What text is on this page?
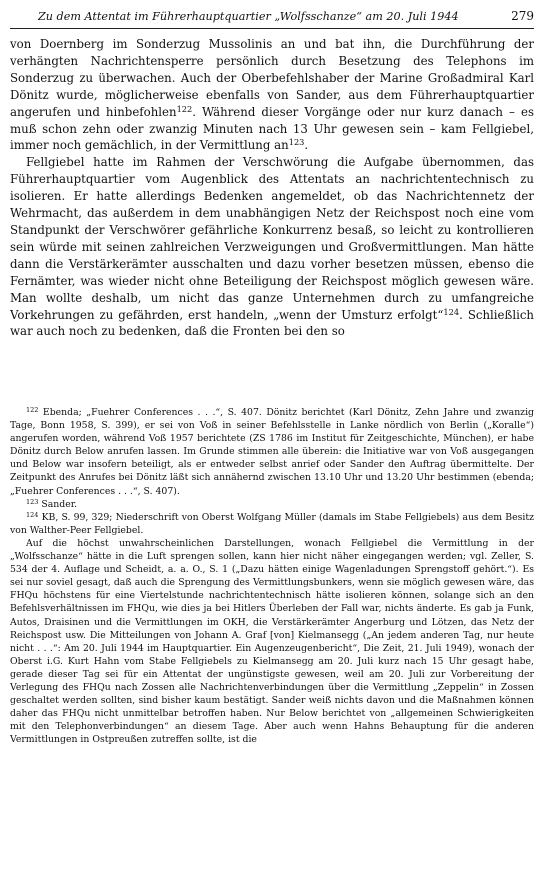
Zu dem Attentat im Führerhauptquartier „Wolfsschanze“ am 20. Juli 1944	279

von Doernberg im Sonderzug Mussolinis an und bat ihn, die Durchführung der verhängten Nachrichtensperre persönlich durch Besetzung des Telephons im Sonderzug zu überwachen. Auch der Oberbefehlshaber der Marine Großadmiral Karl Dönitz wurde, möglicherweise ebenfalls von Sander, aus dem Führerhauptquartier angerufen und hinbefohlen$^{122}$. Während dieser Vorgänge oder nur kurz danach – es muß schon zehn oder zwanzig Minuten nach 13 Uhr gewesen sein – kam Fellgiebel, immer noch gemächlich, in der Vermittlung $an^{123}$.

Fellgiebel hatte im Rahmen der Verschwörung die Aufgabe übernommen, das Führerhauptquartier vom Augenblick des Attentats an nachrichtentechnisch zu isolieren. Er hatte allerdings Bedenken angemeldet, ob das Nachrichtennetz der Wehrmacht, das außerdem in dem unabhängigen Netz der Reichspost noch eine vom Standpunkt der Verschwörer gefährliche Konkurrenz besaß, so leicht zu kontrollieren sein würde mit seinen zahlreichen Verzweigungen und Großvermittlungen. Man hätte dann die Verstärkerämter ausschalten und dazu vorher besetzen müssen, ebenso die Fernämter, was wieder nicht ohne Beteiligung der Reichspost möglich gewesen wäre. Man wollte deshalb, um nicht das ganze Unternehmen durch zu umfangreiche Vorkehrungen zu gefährden, erst handeln, „wenn der Umsturz erfolgt“$^{124}$. Schließlich war auch noch zu bedenken, daß die Fronten bei den so

$^{122}$ Ebenda; „Fuehrer Conferences . . .“, S. 407. Dönitz berichtet (Karl Dönitz, Zehn Jahre und zwanzig Tage, Bonn 1958, S. 399), er sei von Voß in seiner Befehlsstelle in Lanke nördlich von Berlin („Koralle“) angerufen worden, während Voß 1957 berichtete (ZS 1786 im Institut für Zeitgeschichte, München), er habe Dönitz durch Below anrufen lassen. Im Grunde stimmen alle überein: die Initiative war von Voß ausgegangen und Below war insofern beteiligt, als er entweder selbst anrief oder Sander den Auftrag übermittelte. Der Zeitpunkt des Anrufes bei Dönitz läßt sich annähernd zwischen 13.10 Uhr und 13.20 Uhr bestimmen (ebenda; „Fuehrer Conferences . . .“, S. 407).

$^{123}$ Sander.

$^{124}$ KB, S. 99, 329; Niederschrift von Oberst Wolfgang Müller (damals im Stabe Fellgiebels) aus dem Besitz von Walther-Peer Fellgiebel.

Auf die höchst unwahrscheinlichen Darstellungen, wonach Fellgiebel die Vermittlung in der „Wolfsschanze“ hätte in die Luft sprengen sollen, kann hier nicht näher eingegangen werden; vgl. Zeller, S. 534 der 4. Auflage und Scheidt, a. a. O., S. 1 („Dazu hätten einige Wagenladungen Sprengstoff gehört.“). Es sei nur soviel gesagt, daß auch die Sprengung des Vermittlungsbunkers, wenn sie möglich gewesen wäre, das FHQu höchstens für eine Viertelstunde nachrichtentechnisch hätte isolieren können, solange sich an den Befehlsverhältnissen im FHQu, wie dies ja bei Hitlers Überleben der Fall war, nichts änderte. Es gab ja Funk, Autos, Draisinen und die Vermittlungen im OKH, die Verstärkerämter Angerburg und Lötzen, das Netz der Reichspost usw. Die Mitteilungen von Johann A. Graf [von] Kielmansegg („An jedem anderen Tag, nur heute nicht . . .“: Am 20. Juli 1944 im Hauptquartier. Ein Augenzeugenbericht“, Die Zeit, 21. Juli 1949), wonach der Oberst i.G. Kurt Hahn vom Stabe Fellgiebels zu Kielmansegg am 20. Juli kurz nach 15 Uhr gesagt habe, gerade dieser Tag sei für ein Attentat der ungünstigste gewesen, weil am 20. Juli zur Vorbereitung der Verlegung des FHQu nach Zossen alle Nachrichtenverbindungen über die Vermittlung „Zeppelin“ in Zossen geschaltet werden sollten, sind bisher kaum bestätigt. Sander weiß nichts davon und die Maßnahmen können daher das FHQu nicht unmittelbar betroffen haben. Nur Below berichtet von „allgemeinen Schwierigkeiten mit den Telephonverbindungen“ an diesem Tage. Aber auch wenn Hahns Behauptung für die anderen Vermittlungen in Ostpreußen zutreffen sollte, ist die
